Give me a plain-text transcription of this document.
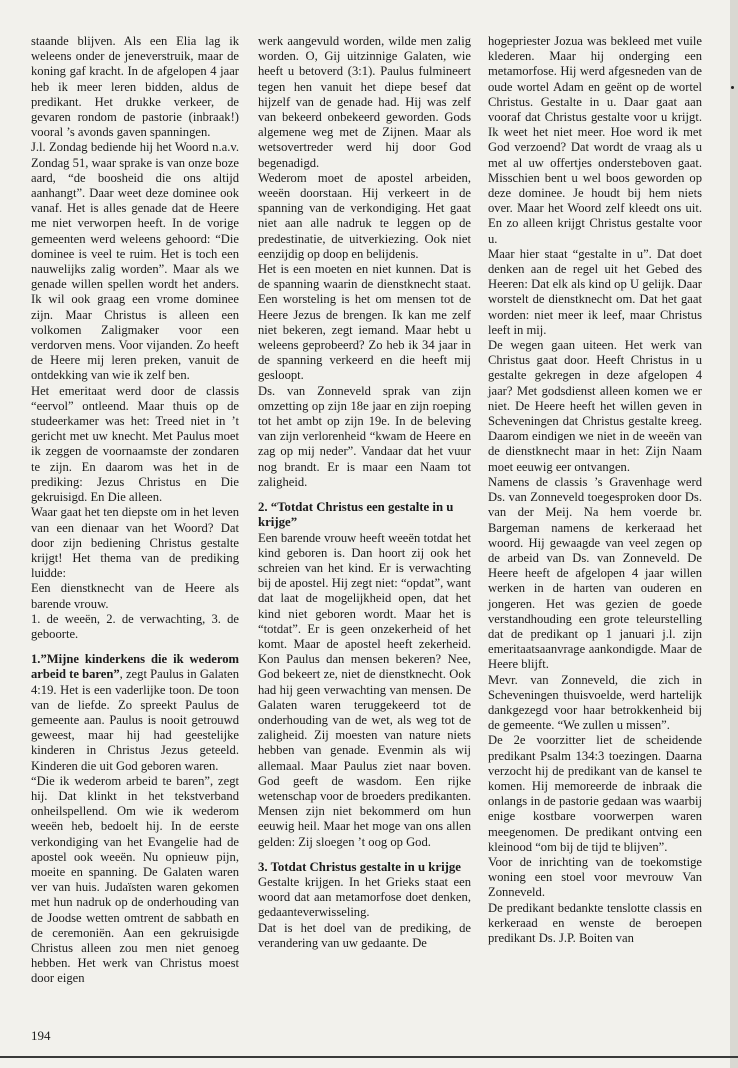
staande blijven. Als een Elia lag ik weleens onder de jeneverstruik, maar de koning gaf kracht. In de afgelopen 4 jaar heb ik meer leren bidden, aldus de predikant. Het drukke verkeer, de gevaren rondom de pastorie (inbraak!) vooral ’s avonds gaven spanningen.

J.l. Zondag bediende hij het Woord n.a.v. Zondag 51, waar sprake is van onze boze aard, “de boosheid die ons altijd aanhangt”. Daar weet deze dominee ook vanaf. Het is alles genade dat de Heere me niet verworpen heeft. In de vorige gemeenten werd weleens gehoord: “Die dominee is veel te ruim. Het is toch een nauwelijks zalig worden”. Maar als we genade willen spellen wordt het anders. Ik wil ook graag een vrome dominee zijn. Maar Christus is alleen een volkomen Zaligmaker voor een verdorven mens. Voor vijanden. Zo heeft de Heere mij leren preken, vanuit de ontdekking van wie ik zelf ben.

Het emeritaat werd door de classis “eervol” ontleend. Maar thuis op de studeerkamer was het: Treed niet in ’t gericht met uw knecht. Met Paulus moet ik zeggen de voornaamste der zondaren te zijn. En daarom was het in de prediking: Jezus Christus en Die gekruisigd. En Die alleen.

Waar gaat het ten diepste om in het leven van een dienaar van het Woord? Dat door zijn bediening Christus gestalte krijgt! Het thema van de prediking luidde:

Een dienstknecht van de Heere als barende vrouw.

1. de weeën, 2. de verwachting, 3. de geboorte.

1.”Mijne kinderkens die ik wederom arbeid te baren”, zegt Paulus in Galaten 4:19. Het is een vaderlijke toon. De toon van de liefde. Zo spreekt Paulus de gemeente aan. Paulus is nooit getrouwd geweest, maar hij had geestelijke kinderen in Christus Jezus geteeld. Kinderen die uit God geboren waren.

“Die ik wederom arbeid te baren”, zegt hij. Dat klinkt in het tekstverband onheilspellend. Om wie ik wederom weeën heb, bedoelt hij. In de eerste verkondiging van het Evangelie had de apostel ook weeën. Nu opnieuw pijn, moeite en spanning. De Galaten waren ver van huis. Judaïsten waren gekomen met hun nadruk op de onderhouding van de Joodse wetten omtrent de sabbath en de ceremoniën. Aan een gekruisigde Christus alleen zou men niet genoeg hebben. Het werk van Christus moest door eigen

werk aangevuld worden, wilde men zalig worden. O, Gij uitzinnige Galaten, wie heeft u betoverd (3:1). Paulus fulmineert tegen hen vanuit het diepe besef dat hijzelf van de genade had. Hij was zelf van bekeerd onbekeerd geworden. Gods algemene weg met de Zijnen. Maar als wetsovertreder werd hij door God begenadigd.

Wederom moet de apostel arbeiden, weeën doorstaan. Hij verkeert in de spanning van de verkondiging. Het gaat niet aan alle nadruk te leggen op de predestinatie, de uitverkiezing. Ook niet eenzijdig op doop en belijdenis.

Het is een moeten en niet kunnen. Dat is de spanning waarin de dienstknecht staat. Een worsteling is het om mensen tot de Heere Jezus de brengen. Ik kan me zelf niet bekeren, zegt iemand. Maar hebt u weleens geprobeerd? Zo heb ik 34 jaar in de spanning verkeerd en die heeft mij gesloopt.

Ds. van Zonneveld sprak van zijn omzetting op zijn 18e jaar en zijn roeping tot het ambt op zijn 19e. In de beleving van zijn verlorenheid “kwam de Heere en zag op mij neder”. Vandaar dat het vuur nog brandt. Er is maar een Naam tot zaligheid.

2. “Totdat Christus een gestalte in u krijge”

Een barende vrouw heeft weeën totdat het kind geboren is. Dan hoort zij ook het schreien van het kind. Er is verwachting bij de apostel. Hij zegt niet: “opdat”, want dat laat de mogelijkheid open, dat het kind niet geboren wordt. Maar het is “totdat”. Er is geen onzekerheid of het komt. Maar de apostel heeft zekerheid. Kon Paulus dan mensen bekeren? Nee, God bekeert ze, niet de dienstknecht. Ook had hij geen verwachting van mensen. De Galaten waren teruggekeerd tot de onderhouding van de wet, als weg tot de zaligheid. Zij moesten van nature niets hebben van genade. Evenmin als wij allemaal. Maar Paulus ziet naar boven. God geeft de wasdom. Een rijke wetenschap voor de broeders predikanten. Mensen zijn niet bekommerd om hun eeuwig heil. Maar het moge van ons allen gelden: Zij sloegen ’t oog op God.

3. Totdat Christus gestalte in u krijge

Gestalte krijgen. In het Grieks staat een woord dat aan metamorfose doet denken, gedaanteverwisseling.

Dat is het doel van de prediking, de verandering van uw gedaante. De

hogepriester Jozua was bekleed met vuile klederen. Maar hij onderging een metamorfose. Hij werd afgesneden van de oude wortel Adam en geënt op de wortel Christus. Gestalte in u. Daar gaat aan vooraf dat Christus gestalte voor u krijgt. Ik weet het niet meer. Hoe word ik met God verzoend? Dat wordt de vraag als u met al uw offertjes ondersteboven gaat. Misschien bent u wel boos geworden op deze dominee. Je houdt bij hem niets over. Maar het Woord zelf kleedt ons uit. En zo alleen krijgt Christus gestalte voor u.

Maar hier staat “gestalte in u”. Dat doet denken aan de regel uit het Gebed des Heeren: Dat elk als kind op U gelijk. Daar worstelt de dienstknecht om. Dat het gaat worden: niet meer ik leef, maar Christus leeft in mij.

De wegen gaan uiteen. Het werk van Christus gaat door. Heeft Christus in u gestalte gekregen in deze afgelopen 4 jaar? Met godsdienst alleen komen we er niet. De Heere heeft het willen geven in Scheveningen dat Christus gestalte kreeg. Daarom eindigen we niet in de weeën van de dienstknecht maar in het: Zijn Naam moet eeuwig eer ontvangen.

Namens de classis ’s Gravenhage werd Ds. van Zonneveld toegesproken door Ds. van der Meij. Na hem voerde br. Bargeman namens de kerkeraad het woord. Hij gewaagde van veel zegen op de arbeid van Ds. van Zonneveld. De Heere heeft de afgelopen 4 jaar willen werken in de harten van ouderen en jongeren. Het was gezien de goede verstandhouding een grote teleurstelling dat de predikant op 1 januari j.l. zijn emeritaatsaanvrage aankondigde. Maar de Heere blijft.

Mevr. van Zonneveld, die zich in Scheveningen thuisvoelde, werd hartelijk dankgezegd voor haar betrokkenheid bij de gemeente. “We zullen u missen”.

De 2e voorzitter liet de scheidende predikant Psalm 134:3 toezingen. Daarna verzocht hij de predikant van de kansel te komen. Hij memoreerde de inbraak die onlangs in de pastorie gedaan was waarbij enige kostbare voorwerpen waren meegenomen. De predikant ontving een kleinood “om bij de tijd te blijven”.

Voor de inrichting van de toekomstige woning een stoel voor mevrouw Van Zonneveld.

De predikant bedankte tenslotte classis en kerkeraad en wenste de beroepen predikant Ds. J.P. Boiten van

194
